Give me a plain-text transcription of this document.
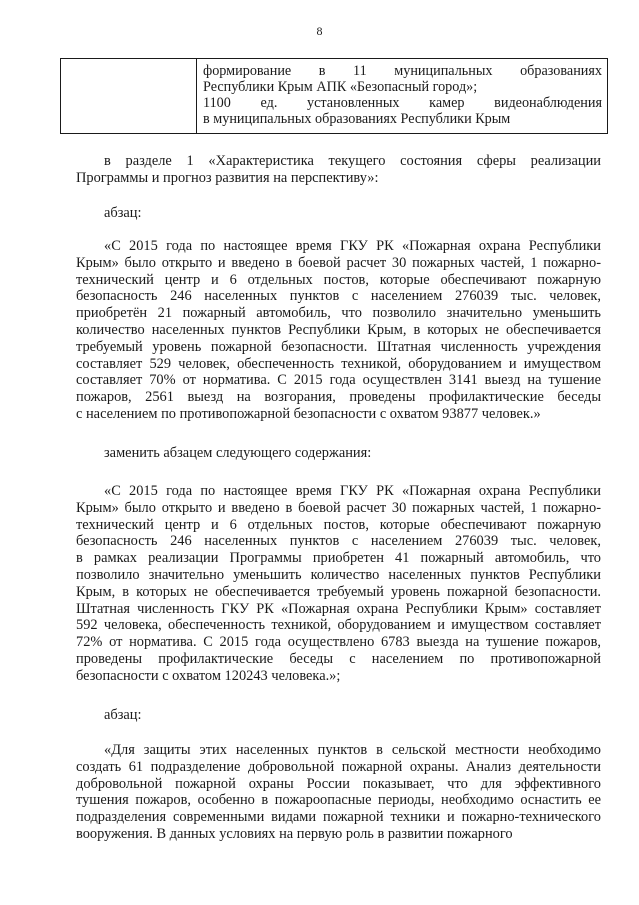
8

формирование в 11 муниципальных образованиях
Республики Крым АПК «Безопасный город»;
1100 ед. установленных камер видеонаблюдения
в муниципальных образованиях Республики Крым
в разделе 1 «Характеристика текущего состояния сферы реализации
Программы и прогноз развития на перспективу»:
абзац:
«С 2015 года по настоящее время ГКУ РК «Пожарная охрана Республики
Крым» было открыто и введено в боевой расчет 30 пожарных частей, 1 пожарно-
технический центр и 6 отдельных постов, которые обеспечивают пожарную
безопасность 246 населенных пунктов с населением 276039 тыс. человек,
приобретён 21 пожарный автомобиль, что позволило значительно уменьшить
количество населенных пунктов Республики Крым, в которых не обеспечивается
требуемый уровень пожарной безопасности. Штатная численность учреждения
составляет 529 человек, обеспеченность техникой, оборудованием и имуществом
составляет 70% от норматива. С 2015 года осуществлен 3141 выезд на тушение
пожаров, 2561 выезд на возгорания, проведены профилактические беседы
с населением по противопожарной безопасности с охватом 93877 человек.»
заменить абзацем следующего содержания:
«С 2015 года по настоящее время ГКУ РК «Пожарная охрана Республики
Крым» было открыто и введено в боевой расчет 30 пожарных частей, 1 пожарно-
технический центр и 6 отдельных постов, которые обеспечивают пожарную
безопасность 246 населенных пунктов с населением 276039 тыс. человек,
в рамках реализации Программы приобретен 41 пожарный автомобиль, что
позволило значительно уменьшить количество населенных пунктов Республики
Крым, в которых не обеспечивается требуемый уровень пожарной безопасности.
Штатная численность ГКУ РК «Пожарная охрана Республики Крым» составляет
592 человека, обеспеченность техникой, оборудованием и имуществом составляет
72% от норматива. С 2015 года осуществлено 6783 выезда на тушение пожаров,
проведены профилактические беседы с населением по противопожарной
безопасности с охватом 120243 человека.»;
абзац:
«Для защиты этих населенных пунктов в сельской местности необходимо
создать 61 подразделение добровольной пожарной охраны. Анализ деятельности
добровольной пожарной охраны России показывает, что для эффективного
тушения пожаров, особенно в пожароопасные периоды, необходимо оснастить ее
подразделения современными видами пожарной техники и пожарно-технического
вооружения. В данных условиях на первую роль в развитии пожарного
